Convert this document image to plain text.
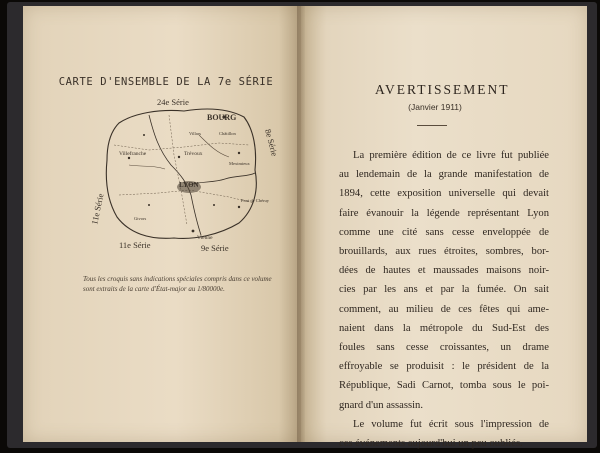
CARTE D'ENSEMBLE DE LA 7e SÉRIE
24e Série
BOURG
Villefranche	Trévoux
LYON
Vienne
Villars	Châtillon
Pont de Chéruy
Meximieux
Givors
11e Série
11e Série	9e Série
8e Série
Tous les croquis sans indications spéciales compris dans ce volume
sont extraits de la carte d'État-major au 1/80000e.
AVERTISSEMENT
(Janvier 1911)
La première édition de ce livre fut publiée
au lendemain de la grande manifestation de
1894, cette exposition universelle qui devait
faire évanouir la légende représentant Lyon
comme une cité sans cesse enveloppée de
brouillards, aux rues étroites, sombres, bor-
dées de hautes et maussades maisons noir-
cies par les ans et par la fumée. On sait
comment, au milieu de ces fêtes qui ame-
naient dans la métropole du Sud-Est des
foules sans cesse croissantes, un drame
effroyable se produisit : le président de la
République, Sadi Carnot, tomba sous le poi-
gnard d'un assassin.
Le volume fut écrit sous l'impression de
ces événements aujourd'hui un peu oubliés.
